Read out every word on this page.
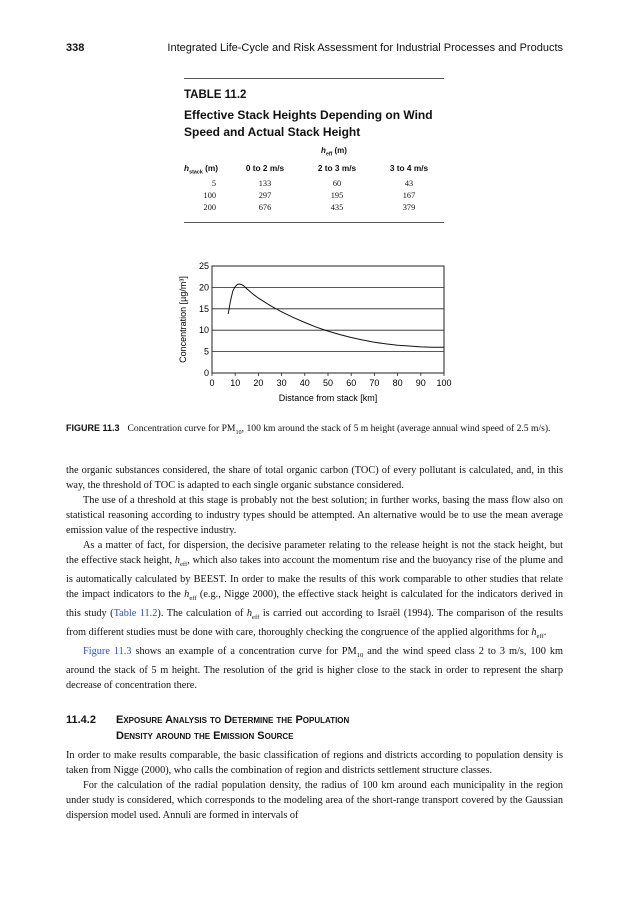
338	Integrated Life-Cycle and Risk Assessment for Industrial Processes and Products
TABLE 11.2
Effective Stack Heights Depending on Wind
Speed and Actual Stack Height
$h_{eff}$ (m)
$h_{stack}$ (m)	0 to 2 m/s	2 to 3 m/s	3 to 4 m/s
5	133	60	43
100	297	195	167
200	676	435	379
0
5
10
15
20
25
0 10 20 30 40 50 60 70 80 90 100
Distance from stack [km]
Concentration [µg/m³]
FIGURE 11.3 Concentration curve for $PM_{10}$, 100 km around the stack of 5 m height (average annual wind speed of 2.5 m/s).

the organic substances considered, the share of total organic carbon (TOC) of every pollutant is calculated, and, in this way, the threshold of TOC is adapted to each single organic substance considered.

The use of a threshold at this stage is probably not the best solution; in further works, basing the mass flow also on statistical reasoning according to industry types should be attempted. An alternative would be to use the mean average emission value of the respective industry.

As a matter of fact, for dispersion, the decisive parameter relating to the release height is not the stack height, but the effective stack height, $h_{eff}$, which also takes into account the momentum rise and the buoyancy rise of the plume and is automatically calculated by BEEST. In order to make the results of this work comparable to other studies that relate the impact indicators to the $h_{eff}$ (e.g., Nigge 2000), the effective stack height is calculated for the indicators derived in this study (Table 11.2). The calculation of $h_{eff}$ is carried out according to Israël (1994). The comparison of the results from different studies must be done with care, thoroughly checking the congruence of the applied algorithms for $h_{eff}$.

Figure 11.3 shows an example of a concentration curve for $PM_{10}$ and the wind speed class 2 to 3 m/s, 100 km around the stack of 5 m height. The resolution of the grid is higher close to the stack in order to represent the sharp decrease of concentration there.

11.4.2 Exposure Analysis to Determine the Population
Density around the Emission Source

In order to make results comparable, the basic classification of regions and districts according to population density is taken from Nigge (2000), who calls the combination of region and districts settlement structure classes.

For the calculation of the radial population density, the radius of 100 km around each municipality in the region under study is considered, which corresponds to the modeling area of the short-range transport covered by the Gaussian dispersion model used. Annuli are formed in intervals of
